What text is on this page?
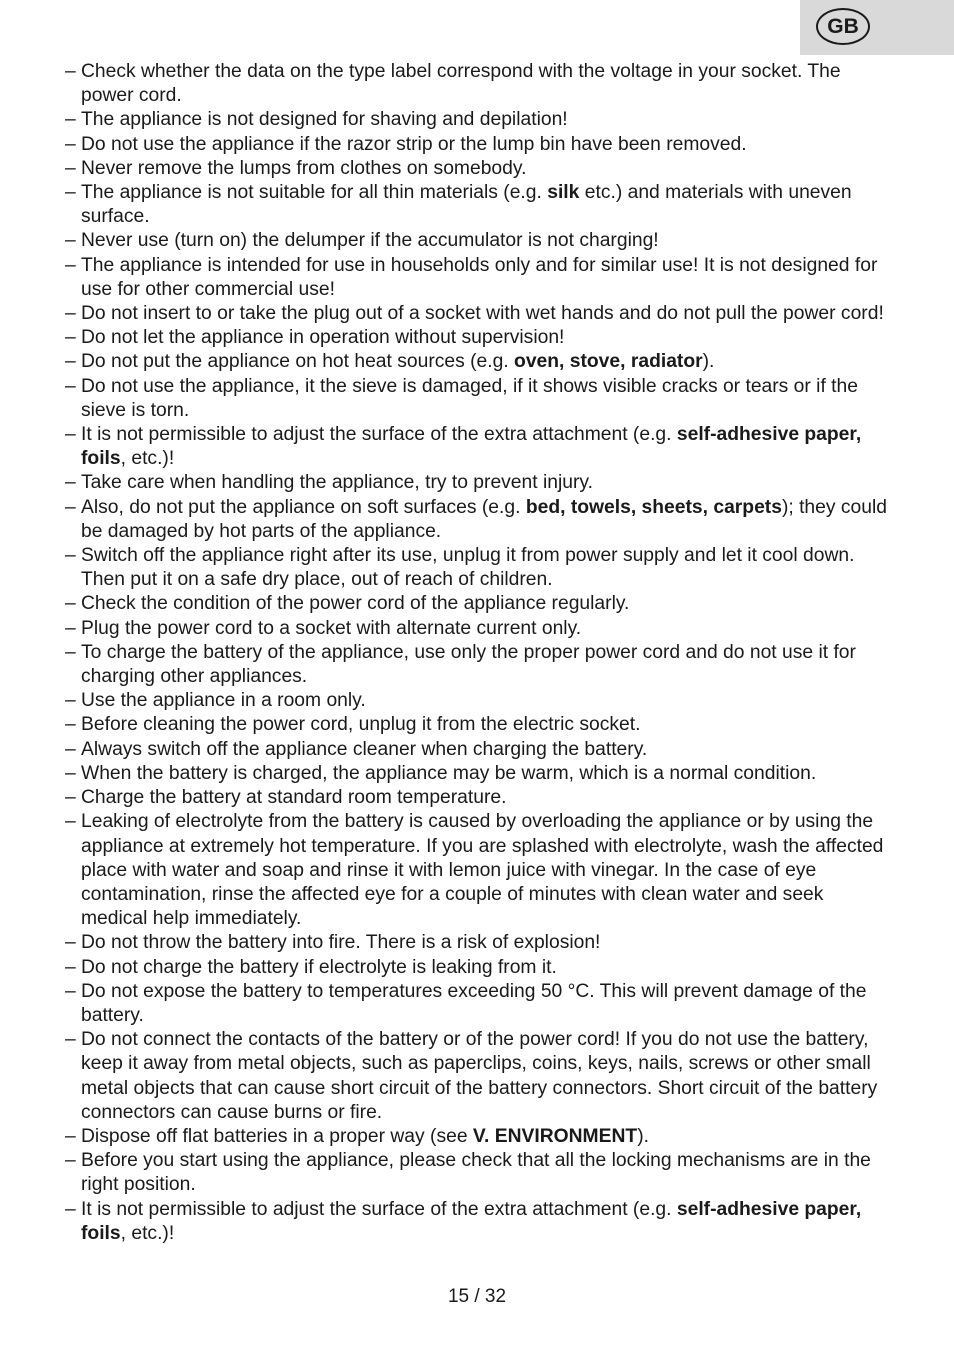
GB
– Check whether the data on the type label correspond with the voltage in your socket. The power cord.
– The appliance is not designed for shaving and depilation!
– Do not use the appliance if the razor strip or the lump bin have been removed.
– Never remove the lumps from clothes on somebody.
– The appliance is not suitable for all thin materials (e.g. silk etc.) and materials with uneven surface.
– Never use (turn on) the delumper if the accumulator is not charging!
– The appliance is intended for use in households only and for similar use! It is not designed for use for other commercial use!
– Do not insert to or take the plug out of a socket with wet hands and do not pull the power cord!
– Do not let the appliance in operation without supervision!
– Do not put the appliance on hot heat sources (e.g. oven, stove, radiator).
– Do not use the appliance, it the sieve is damaged, if it shows visible cracks or tears or if the sieve is torn.
– It is not permissible to adjust the surface of the extra attachment (e.g. self-adhesive paper, foils, etc.)!
– Take care when handling the appliance, try to prevent injury.
– Also, do not put the appliance on soft surfaces (e.g. bed, towels, sheets, carpets); they could be damaged by hot parts of the appliance.
– Switch off the appliance right after its use, unplug it from power supply and let it cool down. Then put it on a safe dry place, out of reach of children.
– Check the condition of the power cord of the appliance regularly.
– Plug the power cord to a socket with alternate current only.
– To charge the battery of the appliance, use only the proper power cord and do not use it for charging other appliances.
– Use the appliance in a room only.
– Before cleaning the power cord, unplug it from the electric socket.
– Always switch off the appliance cleaner when charging the battery.
– When the battery is charged, the appliance may be warm, which is a normal condition.
– Charge the battery at standard room temperature.
– Leaking of electrolyte from the battery is caused by overloading the appliance or by using the appliance at extremely hot temperature. If you are splashed with electrolyte, wash the affected place with water and soap and rinse it with lemon juice with vinegar. In the case of eye contamination, rinse the affected eye for a couple of minutes with clean water and seek medical help immediately.
– Do not throw the battery into fire. There is a risk of explosion!
– Do not charge the battery if electrolyte is leaking from it.
– Do not expose the battery to temperatures exceeding 50 °C. This will prevent damage of the battery.
– Do not connect the contacts of the battery or of the power cord! If you do not use the battery, keep it away from metal objects, such as paperclips, coins, keys, nails, screws or other small metal objects that can cause short circuit of the battery connectors. Short circuit of the battery connectors can cause burns or fire.
– Dispose off flat batteries in a proper way (see V. ENVIRONMENT).
– Before you start using the appliance, please check that all the locking mechanisms are in the right position.
– It is not permissible to adjust the surface of the extra attachment (e.g. self-adhesive paper, foils, etc.)!
15 / 32
